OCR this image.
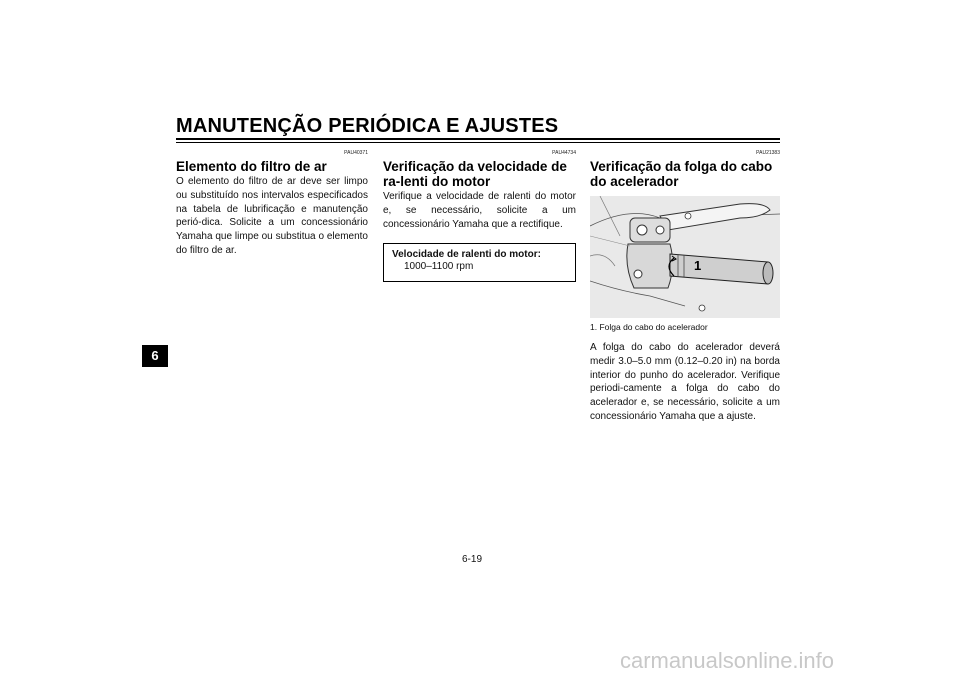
MANUTENÇÃO PERIÓDICA E AJUSTES
6
PAU40371
Elemento do filtro de ar
O elemento do filtro de ar deve ser limpo ou substituído nos intervalos especificados na tabela de lubrificação e manutenção perió-dica. Solicite a um concessionário Yamaha que limpe ou substitua o elemento do filtro de ar.
PAU44734
Verificação da velocidade de ra-lenti do motor
Verifique a velocidade de ralenti do motor e, se necessário, solicite a um concessionário Yamaha que a rectifique.
Velocidade de ralenti do motor:
1000–1100 rpm
PAU21383
Verificação da folga do cabo do acelerador
1
1. Folga do cabo do acelerador
A folga do cabo do acelerador deverá medir 3.0–5.0 mm (0.12–0.20 in) na borda interior do punho do acelerador. Verifique periodi-camente a folga do cabo do acelerador e, se necessário, solicite a um concessionário Yamaha que a ajuste.
6-19
carmanualsonline.info
